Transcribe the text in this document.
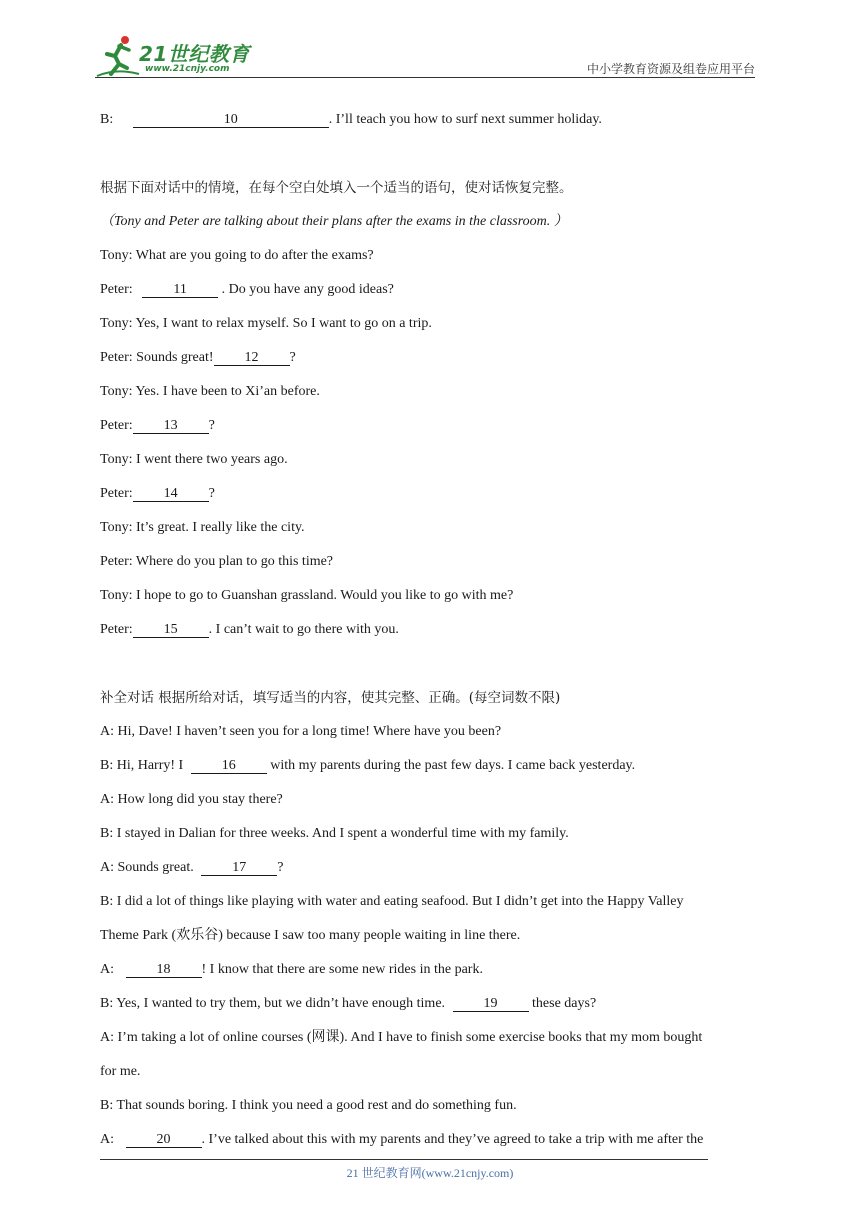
21世纪教育
www.21cnjy.com	中小学教育资源及组卷应用平台
B:	10	. I’ll teach you how to surf next summer holiday.
根据下面对话中的情境，在每个空白处填入一个适当的语句，使对话恢复完整。
（Tony and Peter are talking about their plans after the exams in the classroom. ）
Tony: What are you going to do after the exams?
Peter:	11 . Do you have any good ideas?
Tony: Yes, I want to relax myself. So I want to go on a trip.
Peter: Sounds great! 12 ?
Tony: Yes. I have been to Xi’an before.
Peter: 13 ?
Tony: I went there two years ago.
Peter: 14 ?
Tony: It’s great. I really like the city.
Peter: Where do you plan to go this time?
Tony: I hope to go to Guanshan grassland. Would you like to go with me?
Peter: 15 . I can’t wait to go there with you.
补全对话 根据所给对话，填写适当的内容，使其完整、正确。(每空词数不限)
A: Hi, Dave! I haven’t seen you for a long time! Where have you been?
B: Hi, Harry! I	16 with my parents during the past few days. I came back yesterday.
A: How long did you stay there?
B: I stayed in Dalian for three weeks. And I spent a wonderful time with my family.
A: Sounds great.	17 ?
B: I did a lot of things like playing with water and eating seafood. But I didn’t get into the Happy Valley
Theme Park (欢乐谷) because I saw too many people waiting in line there.
A:	18 ! I know that there are some new rides in the park.
B: Yes, I wanted to try them, but we didn’t have enough time.	19 these days?
A: I’m taking a lot of online courses (网课). And I have to finish some exercise books that my mom bought
for me.
B: That sounds boring. I think you need a good rest and do something fun.
A:	20 . I’ve talked about this with my parents and they’ve agreed to take a trip with me after the
21 世纪教育网(www.21cnjy.com)
